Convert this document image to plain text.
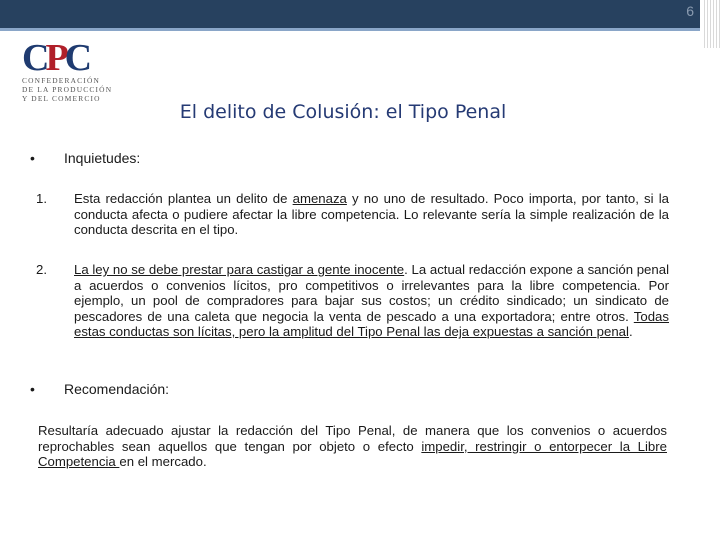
6
CPC
CONFEDERACIÓN
DE LA PRODUCCIÓN
Y DEL COMERCIO
El delito de Colusión: el Tipo Penal
•	Inquietudes:
1. Esta redacción plantea un delito de amenaza y no uno de resultado. Poco importa, por tanto, si la conducta afecta o pudiere afectar la libre competencia. Lo relevante sería la simple realización de la conducta descrita en el tipo.
2. La ley no se debe prestar para castigar a gente inocente. La actual redacción expone a sanción penal a acuerdos o convenios lícitos, pro competitivos o irrelevantes para la libre competencia. Por ejemplo, un pool de compradores para bajar sus costos; un crédito sindicado; un sindicato de pescadores de una caleta que negocia la venta de pescado a una exportadora; entre otros. Todas estas conductas son lícitas, pero la amplitud del Tipo Penal las deja expuestas a sanción penal.
•	Recomendación:
Resultaría adecuado ajustar la redacción del Tipo Penal, de manera que los convenios o acuerdos reprochables sean aquellos que tengan por objeto o efecto impedir, restringir o entorpecer la Libre Competencia en el mercado.
